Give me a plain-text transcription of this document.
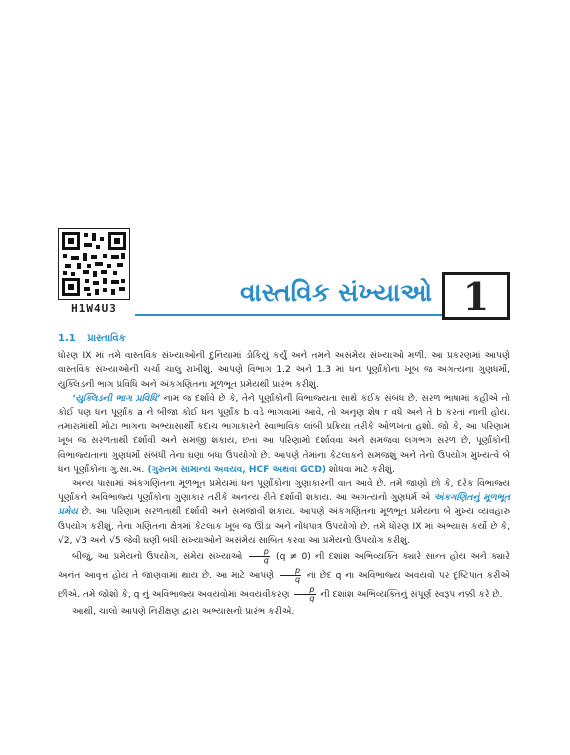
H1W4U3
વાસ્તવિક સંખ્યાઓ 1
1.1 પ્રાસ્તાવિક

ધોરણ IX માં તમે વાસ્તવિક સંખ્યાઓની દુનિયામાં ડોકિયું કર્યું અને તમને અસંમેય સંખ્યાઓ મળી. આ પ્રકરણમાં આપણે વાસ્તવિક સંખ્યાઓની ચર્ચા ચાલુ રાખીશું. આપણે વિભાગ 1.2 અને 1.3 માં ધન પૂર્ણાંકોના ખૂબ જ અગત્યના ગુણધર્મો, યુક્લિડની ભાગ પ્રવિધિ અને અંકગણિતના મૂળભૂત પ્રમેયથી પ્રારંભ કરીશું.

‘યુક્લિડની ભાગ પ્રવિધિ’ નામ જ દર્શાવે છે કે, તેને પૂર્ણાંકોની વિભાજ્યતા સાથે કંઈક સંબંધ છે. સરળ ભાષામાં કહીએ તો કોઈ પણ ધન પૂર્ણાંક a ને બીજા કોઈ ધન પૂર્ણાંક b વડે ભાગવામાં આવે, તો અનૃણ શેષ r વધે અને તે b કરતાં નાની હોય. તમારામાંથી મોટા ભાગના અભ્યાસાર્થી કદાચ ભાગાકારને સ્વાભાવિક લાંબી પ્રક્રિયા તરીકે ઓળખતા હશો. જો કે, આ પરિણામ ખૂબ જ સરળતાથી દર્શાવી અને સમજી શકાય, છતાં આ પરિણામો દર્શાવવા અને સમજવા લગભગ સરળ છે, પૂર્ણાંકોની વિભાજ્યતાના ગુણધર્મો સંબંધી તેના ઘણા બધા ઉપયોગો છે. આપણે તેમાંના કેટલાકને સમજશું અને તેનો ઉપયોગ મુખ્યત્વે બે ધન પૂર્ણાંકોના ગુ.સા.અ. (ગુરુતમ સામાન્ય અવયવ, HCF અથવા GCD) શોધવા માટે કરીશું.

અન્ય પાસામાં અંકગણિતના મૂળભૂત પ્રમેયમાં ધન પૂર્ણાંકોના ગુણાકારની વાત આવે છે. તમે જાણો છો કે, દરેક વિભાજ્ય પૂર્ણાંકને અવિભાજ્ય પૂર્ણાંકોના ગુણાકાર તરીકે અનન્ય રીતે દર્શાવી શકાય. આ અગત્યનો ગુણધર્મ એ અંકગણિતનું મૂળભૂત પ્રમેય છે. આ પરિણામ સરળતાથી દર્શાવી અને સમજાવી શકાય. આપણે અંકગણિતના મૂળભૂત પ્રમેયના બે મુખ્ય વ્યવહારુ ઉપયોગ કરીશું. તેના ગણિતના ક્ષેત્રમાં કેટલાક ખૂબ જ ઊંડા અને નોંધપાત્ર ઉપયોગો છે. તમે ધોરણ IX માં અભ્યાસ કર્યો છે કે, √2, √3 અને √5 જેવી ઘણી બધી સંખ્યાઓને અસંમેય સાબિત કરવા આ પ્રમેયનો ઉપયોગ કરીશું.

બીજું, આ પ્રમેયનો ઉપયોગ, સંમેય સંખ્યાઓ $\frac{p}{q} (q \ne 0)$ ની દશાંશ અભિવ્યક્તિ ક્યારે સાન્ત હોય અને ક્યારે અનંત આવૃત્ત હોય તે જાણવામાં થાય છે. આ માટે આપણે $\frac{p}{q}$ ના છેદ q ના અવિભાજ્ય અવયવો પર દૃષ્ટિપાત કરીએ છીએ. તમે જોશો કે, q નું અવિભાજ્ય અવયવોમાં અવયવીકરણ $\frac{p}{q}$ ની દશાંશ અભિવ્યક્તિનું સંપૂર્ણ સ્વરૂપ નક્કી કરે છે.

આથી, ચાલો આપણે નિરીક્ષણ દ્વારા અભ્યાસનો પ્રારંભ કરીએ.
